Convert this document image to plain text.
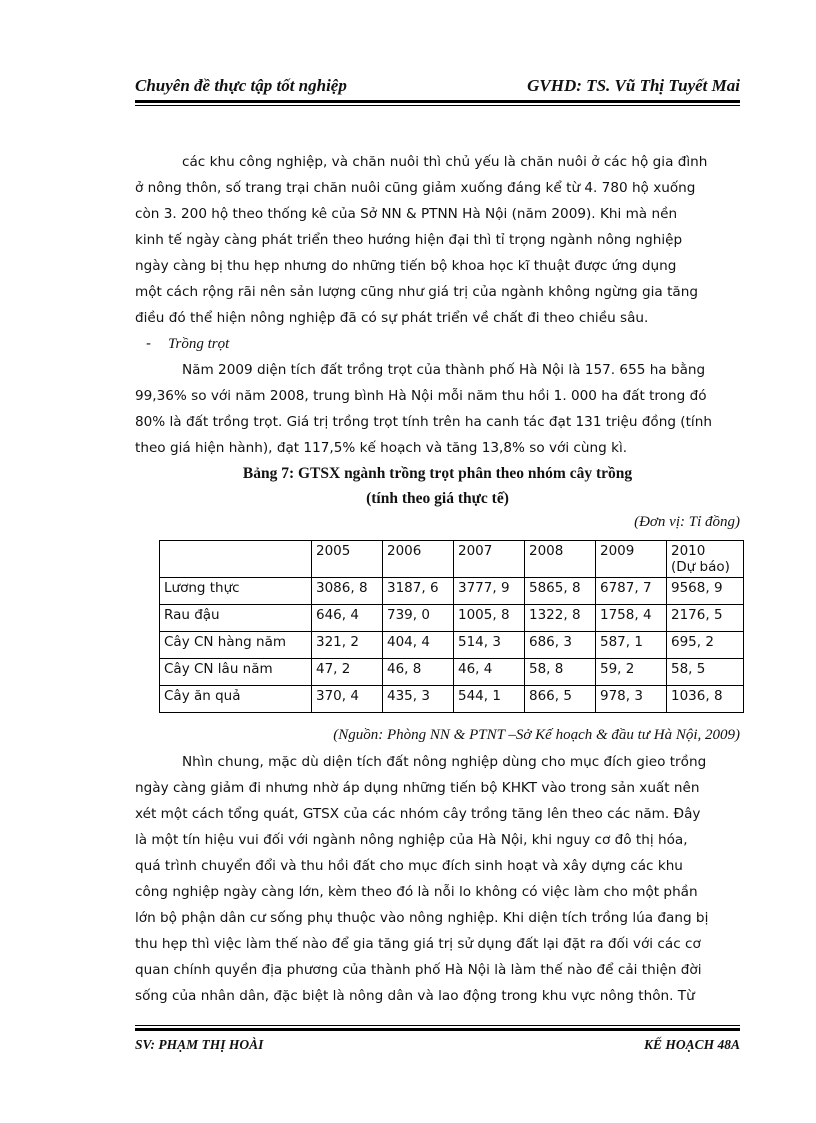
Chuyên đề thực tập tốt nghiệp	GVHD: TS. Vũ Thị Tuyết Mai

các khu công nghiệp, và chăn nuôi thì chủ yếu là chăn nuôi ở các hộ gia đình

ở nông thôn, số trang trại chăn nuôi cũng giảm xuống đáng kể từ 4. 780 hộ xuống

còn 3. 200 hộ theo thống kê của Sở NN & PTNN Hà Nội (năm 2009). Khi mà nền

kinh tế ngày càng phát triển theo hướng hiện đại thì tỉ trọng ngành nông nghiệp

ngày càng bị thu hẹp nhưng do những tiến bộ khoa học kĩ thuật được ứng dụng

một cách rộng rãi nên sản lượng cũng như giá trị của ngành không ngừng gia tăng

điều đó thể hiện nông nghiệp đã có sự phát triển về chất đi theo chiều sâu.

- Trồng trọt

Năm 2009 diện tích đất trồng trọt của thành phố Hà Nội là 157. 655 ha bằng

99,36% so với năm 2008, trung bình Hà Nội mỗi năm thu hồi 1. 000 ha đất trong đó

80% là đất trồng trọt. Giá trị trồng trọt tính trên ha canh tác đạt 131 triệu đồng (tính

theo giá hiện hành), đạt 117,5% kế hoạch và tăng 13,8% so với cùng kì.

Bảng 7: GTSX ngành trồng trọt phân theo nhóm cây trồng
(tính theo giá thực tế)
(Đơn vị: Tỉ đồng)
	2005	2006	2007	2008	2009	2010
(Dự báo)

Lương thực	3086, 8	3187, 6	3777, 9	5865, 8	6787, 7	9568, 9
Rau đậu	646, 4	739, 0	1005, 8	1322, 8	1758, 4	2176, 5
Cây CN hàng năm	321, 2	404, 4	514, 3	686, 3	587, 1	695, 2
Cây CN lâu năm	47, 2	46, 8	46, 4	58, 8	59, 2	58, 5
Cây ăn quả	370, 4	435, 3	544, 1	866, 5	978, 3	1036, 8
(Nguồn: Phòng NN & PTNT –Sở Kế hoạch & đầu tư Hà Nội, 2009)

Nhìn chung, mặc dù diện tích đất nông nghiệp dùng cho mục đích gieo trồng

ngày càng giảm đi nhưng nhờ áp dụng những tiến bộ KHKT vào trong sản xuất nên

xét một cách tổng quát, GTSX của các nhóm cây trồng tăng lên theo các năm. Đây

là một tín hiệu vui đối với ngành nông nghiệp của Hà Nội, khi nguy cơ đô thị hóa,

quá trình chuyển đổi và thu hồi đất cho mục đích sinh hoạt và xây dựng các khu

công nghiệp ngày càng lớn, kèm theo đó là nỗi lo không có việc làm cho một phần

lớn bộ phận dân cư sống phụ thuộc vào nông nghiệp. Khi diện tích trồng lúa đang bị

thu hẹp thì việc làm thế nào để gia tăng giá trị sử dụng đất lại đặt ra đối với các cơ

quan chính quyền địa phương của thành phố Hà Nội là làm thế nào để cải thiện đời

sống của nhân dân, đặc biệt là nông dân và lao động trong khu vực nông thôn. Từ

SV: PHẠM THỊ HOÀI	KẾ HOẠCH 48A
